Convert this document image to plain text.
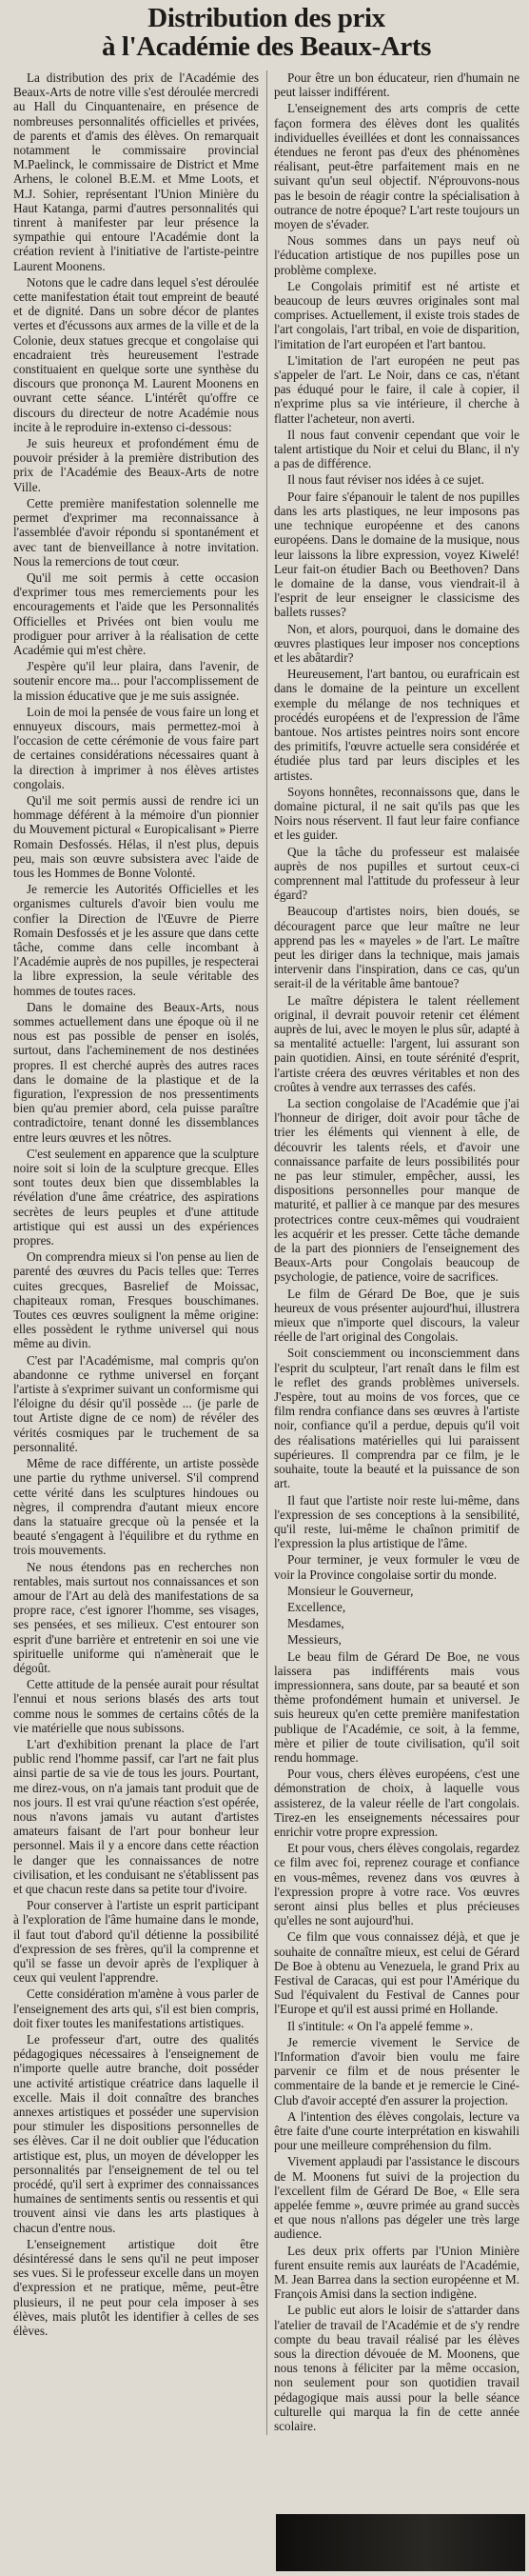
Distribution des prix
à l'Académie des Beaux-Arts

La distribution des prix de l'Académie des Beaux-Arts de notre ville s'est déroulée mercredi au Hall du Cinquantenaire, en présence de nombreuses personnalités officielles et privées, de parents et d'amis des élèves. On remarquait notamment le commissaire provincial M.Paelinck, le commissaire de District et Mme Arhens, le colonel B.E.M. et Mme Loots, et M.J. Sohier, représentant l'Union Minière du Haut Katanga, parmi d'autres personnalités qui tinrent à manifester par leur présence la sympathie qui entoure l'Académie dont la création revient à l'initiative de l'artiste-peintre Laurent Moonens.

Notons que le cadre dans lequel s'est déroulée cette manifestation était tout empreint de beauté et de dignité. Dans un sobre décor de plantes vertes et d'écussons aux armes de la ville et de la Colonie, deux statues grecque et congolaise qui encadraient très heureusement l'estrade constituaient en quelque sorte une synthèse du discours que prononça M. Laurent Moonens en ouvrant cette séance. L'intérêt qu'offre ce discours du directeur de notre Académie nous incite à le reproduire in-extenso ci-dessous:

Je suis heureux et profondément ému de pouvoir présider à la première distribution des prix de l'Académie des Beaux-Arts de notre Ville.

Cette première manifestation solennelle me permet d'exprimer ma reconnaissance à l'assemblée d'avoir répondu si spontanément et avec tant de bienveillance à notre invitation. Nous la remercions de tout cœur.

Qu'il me soit permis à cette occasion d'exprimer tous mes remerciements pour les encouragements et l'aide que les Personnalités Officielles et Privées ont bien voulu me prodiguer pour arriver à la réalisation de cette Académie qui m'est chère.

J'espère qu'il leur plaira, dans l'avenir, de soutenir encore ma... pour l'accomplissement de la mission éducative que je me suis assignée.

Loin de moi la pensée de vous faire un long et ennuyeux discours, mais permettez-moi à l'occasion de cette cérémonie de vous faire part de certaines considérations nécessaires quant à la direction à imprimer à nos élèves artistes congolais.

Qu'il me soit permis aussi de rendre ici un hommage déférent à la mémoire d'un pionnier du Mouvement pictural « Europicalisant » Pierre Romain Desfossés. Hélas, il n'est plus, depuis peu, mais son œuvre subsistera avec l'aide de tous les Hommes de Bonne Volonté.

Je remercie les Autorités Officielles et les organismes culturels d'avoir bien voulu me confier la Direction de l'Œuvre de Pierre Romain Desfossés et je les assure que dans cette tâche, comme dans celle incombant à l'Académie auprès de nos pupilles, je respecterai la libre expression, la seule véritable des hommes de toutes races.

Dans le domaine des Beaux-Arts, nous sommes actuellement dans une époque où il ne nous est pas possible de penser en isolés, surtout, dans l'acheminement de nos destinées propres. Il est cherché auprès des autres races dans le domaine de la plastique et de la figuration, l'expression de nos pressentiments bien qu'au premier abord, cela puisse paraître contradictoire, tenant donné les dissemblances entre leurs œuvres et les nôtres.

C'est seulement en apparence que la sculpture noire soit si loin de la sculpture grecque. Elles sont toutes deux bien que dissemblables la révélation d'une âme créatrice, des aspirations secrètes de leurs peuples et d'une attitude artistique qui est aussi un des expériences propres.

On comprendra mieux si l'on pense au lien de parenté des œuvres du Pacis telles que: Terres cuites grecques, Basrelief de Moissac, chapiteaux roman, Fresques bouschimanes. Toutes ces œuvres soulignent la même origine: elles possèdent le rythme universel qui nous même au divin.

C'est par l'Académisme, mal compris qu'on abandonne ce rythme universel en forçant l'artiste à s'exprimer suivant un conformisme qui l'éloigne du désir qu'il possède ... (je parle de tout Artiste digne de ce nom) de révéler des vérités cosmiques par le truchement de sa personnalité.

Même de race différente, un artiste possède une partie du rythme universel. S'il comprend cette vérité dans les sculptures hindoues ou nègres, il comprendra d'autant mieux encore dans la statuaire grecque où la pensée et la beauté s'engagent à l'équilibre et du rythme en trois mouvements.

Ne nous étendons pas en recherches non rentables, mais surtout nos connaissances et son amour de l'Art au delà des manifestations de sa propre race, c'est ignorer l'homme, ses visages, ses pensées, et ses milieux. C'est entourer son esprit d'une barrière et entretenir en soi une vie spirituelle uniforme qui n'amènerait que le dégoût.

Cette attitude de la pensée aurait pour résultat l'ennui et nous serions blasés des arts tout comme nous le sommes de certains côtés de la vie matérielle que nous subissons.

L'art d'exhibition prenant la place de l'art public rend l'homme passif, car l'art ne fait plus ainsi partie de sa vie de tous les jours. Pourtant, me direz-vous, on n'a jamais tant produit que de nos jours. Il est vrai qu'une réaction s'est opérée, nous n'avons jamais vu autant d'artistes amateurs faisant de l'art pour bonheur leur personnel. Mais il y a encore dans cette réaction le danger que les connaissances de notre civilisation, et les conduisant ne s'établissent pas et que chacun reste dans sa petite tour d'ivoire.

Pour conserver à l'artiste un esprit participant à l'exploration de l'âme humaine dans le monde, il faut tout d'abord qu'il détienne la possibilité d'expression de ses frères, qu'il la comprenne et qu'il se fasse un devoir après de l'expliquer à ceux qui veulent l'apprendre.

Cette considération m'amène à vous parler de l'enseignement des arts qui, s'il est bien compris, doit fixer toutes les manifestations artistiques.

Le professeur d'art, outre des qualités pédagogiques nécessaires à l'enseignement de n'importe quelle autre branche, doit posséder une activité artistique créatrice dans laquelle il excelle. Mais il doit connaître des branches annexes artistiques et posséder une supervision pour stimuler les dispositions personnelles de ses élèves. Car il ne doit oublier que l'éducation artistique est, plus, un moyen de développer les personnalités par l'enseignement de tel ou tel procédé, qu'il sert à exprimer des connaissances humaines de sentiments sentis ou ressentis et qui trouvent ainsi vie dans les arts plastiques à chacun d'entre nous.

L'enseignement artistique doit être désintéressé dans le sens qu'il ne peut imposer ses vues. Si le professeur excelle dans un moyen d'expression et ne pratique, même, peut-être plusieurs, il ne peut pour cela imposer à ses élèves, mais plutôt les identifier à celles de ses élèves.

Pour être un bon éducateur, rien d'humain ne peut laisser indifférent.

L'enseignement des arts compris de cette façon formera des élèves dont les qualités individuelles éveillées et dont les connaissances étendues ne feront pas d'eux des phénomènes réalisant, peut-être parfaitement mais en ne suivant qu'un seul objectif. N'éprouvons-nous pas le besoin de réagir contre la spécialisation à outrance de notre époque? L'art reste toujours un moyen de s'évader.

Nous sommes dans un pays neuf où l'éducation artistique de nos pupilles pose un problème complexe.

Le Congolais primitif est né artiste et beaucoup de leurs œuvres originales sont mal comprises. Actuellement, il existe trois stades de l'art congolais, l'art tribal, en voie de disparition, l'imitation de l'art européen et l'art bantou.

L'imitation de l'art européen ne peut pas s'appeler de l'art. Le Noir, dans ce cas, n'étant pas éduqué pour le faire, il cale à copier, il n'exprime plus sa vie intérieure, il cherche à flatter l'acheteur, non averti.

Il nous faut convenir cependant que voir le talent artistique du Noir et celui du Blanc, il n'y a pas de différence.

Il nous faut réviser nos idées à ce sujet.

Pour faire s'épanouir le talent de nos pupilles dans les arts plastiques, ne leur imposons pas une technique européenne et des canons européens. Dans le domaine de la musique, nous leur laissons la libre expression, voyez Kiwelé! Leur fait-on étudier Bach ou Beethoven? Dans le domaine de la danse, vous viendrait-il à l'esprit de leur enseigner le classicisme des ballets russes?

Non, et alors, pourquoi, dans le domaine des œuvres plastiques leur imposer nos conceptions et les abâtardir?

Heureusement, l'art bantou, ou eurafricain est dans le domaine de la peinture un excellent exemple du mélange de nos techniques et procédés européens et de l'expression de l'âme bantoue. Nos artistes peintres noirs sont encore des primitifs, l'œuvre actuelle sera considérée et étudiée plus tard par leurs disciples et les artistes.

Soyons honnêtes, reconnaissons que, dans le domaine pictural, il ne sait qu'ils pas que les Noirs nous réservent. Il faut leur faire confiance et les guider.

Que la tâche du professeur est malaisée auprès de nos pupilles et surtout ceux-ci comprennent mal l'attitude du professeur à leur égard?

Beaucoup d'artistes noirs, bien doués, se découragent parce que leur maître ne leur apprend pas les « mayeles » de l'art. Le maître peut les diriger dans la technique, mais jamais intervenir dans l'inspiration, dans ce cas, qu'un serait-il de la véritable âme bantoue?

Le maître dépistera le talent réellement original, il devrait pouvoir retenir cet élément auprès de lui, avec le moyen le plus sûr, adapté à sa mentalité actuelle: l'argent, lui assurant son pain quotidien. Ainsi, en toute sérénité d'esprit, l'artiste créera des œuvres véritables et non des croûtes à vendre aux terrasses des cafés.

La section congolaise de l'Académie que j'ai l'honneur de diriger, doit avoir pour tâche de trier les éléments qui viennent à elle, de découvrir les talents réels, et d'avoir une connaissance parfaite de leurs possibilités pour ne pas leur stimuler, empêcher, aussi, les dispositions personnelles pour manque de maturité, et pallier à ce manque par des mesures protectrices contre ceux-mêmes qui voudraient les acquérir et les presser. Cette tâche demande de la part des pionniers de l'enseignement des Beaux-Arts pour Congolais beaucoup de psychologie, de patience, voire de sacrifices.

Le film de Gérard De Boe, que je suis heureux de vous présenter aujourd'hui, illustrera mieux que n'importe quel discours, la valeur réelle de l'art original des Congolais.

Soit consciemment ou inconsciemment dans l'esprit du sculpteur, l'art renaît dans le film est le reflet des grands problèmes universels. J'espère, tout au moins de vos forces, que ce film rendra confiance dans ses œuvres à l'artiste noir, confiance qu'il a perdue, depuis qu'il voit des réalisations matérielles qui lui paraissent supérieures. Il comprendra par ce film, je le souhaite, toute la beauté et la puissance de son art.

Il faut que l'artiste noir reste lui-même, dans l'expression de ses conceptions à la sensibilité, qu'il reste, lui-même le chaînon primitif de l'expression la plus artistique de l'âme.

Pour terminer, je veux formuler le vœu de voir la Province congolaise sortir du monde.

Monsieur le Gouverneur,

Excellence,

Mesdames,

Messieurs,

Le beau film de Gérard De Boe, ne vous laissera pas indifférents mais vous impressionnera, sans doute, par sa beauté et son thème profondément humain et universel. Je suis heureux qu'en cette première manifestation publique de l'Académie, ce soit, à la femme, mère et pilier de toute civilisation, qu'il soit rendu hommage.

Pour vous, chers élèves européens, c'est une démonstration de choix, à laquelle vous assisterez, de la valeur réelle de l'art congolais. Tirez-en les enseignements nécessaires pour enrichir votre propre expression.

Et pour vous, chers élèves congolais, regardez ce film avec foi, reprenez courage et confiance en vous-mêmes, revenez dans vos œuvres à l'expression propre à votre race. Vos œuvres seront ainsi plus belles et plus précieuses qu'elles ne sont aujourd'hui.

Ce film que vous connaissez déjà, et que je souhaite de connaître mieux, est celui de Gérard De Boe à obtenu au Venezuela, le grand Prix au Festival de Caracas, qui est pour l'Amérique du Sud l'équivalent du Festival de Cannes pour l'Europe et qu'il est aussi primé en Hollande.

Il s'intitule: « On l'a appelé femme ».

Je remercie vivement le Service de l'Information d'avoir bien voulu me faire parvenir ce film et de nous présenter le commentaire de la bande et je remercie le Ciné-Club d'avoir accepté d'en assurer la projection.

A l'intention des élèves congolais, lecture va être faite d'une courte interprétation en kiswahili pour une meilleure compréhension du film.

Vivement applaudi par l'assistance le discours de M. Moonens fut suivi de la projection du l'excellent film de Gérard De Boe, « Elle sera appelée femme », œuvre primée au grand succès et que nous n'allons pas dégeler une très large audience.

Les deux prix offerts par l'Union Minière furent ensuite remis aux lauréats de l'Académie, M. Jean Barrea dans la section européenne et M. François Amisi dans la section indigène.

Le public eut alors le loisir de s'attarder dans l'atelier de travail de l'Académie et de s'y rendre compte du beau travail réalisé par les élèves sous la direction dévouée de M. Moonens, que nous tenons à féliciter par la même occasion, non seulement pour son quotidien travail pédagogique mais aussi pour la belle séance culturelle qui marqua la fin de cette année scolaire.
